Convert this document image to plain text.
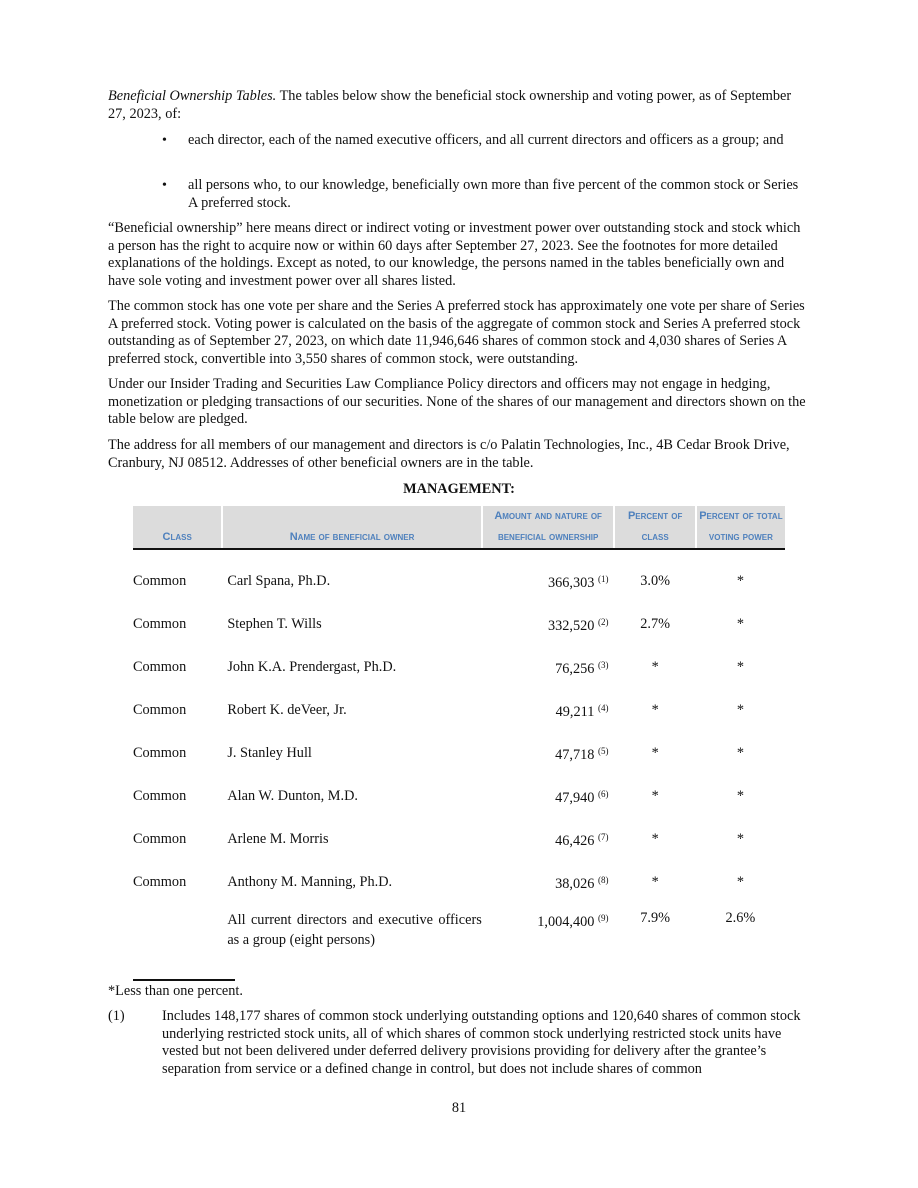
Beneficial Ownership Tables. The tables below show the beneficial stock ownership and voting power, as of September 27, 2023, of:

• each director, each of the named executive officers, and all current directors and officers as a group; and
• all persons who, to our knowledge, beneficially own more than five percent of the common stock or Series A preferred stock.

“Beneficial ownership” here means direct or indirect voting or investment power over outstanding stock and stock which a person has the right to acquire now or within 60 days after September 27, 2023. See the footnotes for more detailed explanations of the holdings. Except as noted, to our knowledge, the persons named in the tables beneficially own and have sole voting and investment power over all shares listed.

The common stock has one vote per share and the Series A preferred stock has approximately one vote per share of Series A preferred stock. Voting power is calculated on the basis of the aggregate of common stock and Series A preferred stock outstanding as of September 27, 2023, on which date 11,946,646 shares of common stock and 4,030 shares of Series A preferred stock, convertible into 3,550 shares of common stock, were outstanding.

Under our Insider Trading and Securities Law Compliance Policy directors and officers may not engage in hedging, monetization or pledging transactions of our securities. None of the shares of our management and directors shown on the table below are pledged.

The address for all members of our management and directors is c/o Palatin Technologies, Inc., 4B Cedar Brook Drive, Cranbury, NJ 08512. Addresses of other beneficial owners are in the table.

MANAGEMENT:
Class	Name of beneficial owner	Amount and nature of beneficial ownership	Percent of class	Percent of total voting power

Common	Carl Spana, Ph.D.	366,303 $^{(1)}$	3.0%	*
Common	Stephen T. Wills	332,520 $^{(2)}$	2.7%	*
Common	John K.A. Prendergast, Ph.D.	76,256 $^{(3)}$	*	*
Common	Robert K. deVeer, Jr.	49,211 $^{(4)}$	*	*
Common	J. Stanley Hull	47,718 $^{(5)}$	*	*
Common	Alan W. Dunton, M.D.	47,940 $^{(6)}$	*	*
Common	Arlene M. Morris	46,426 $^{(7)}$	*	*
Common	Anthony M. Manning, Ph.D.	38,026 $^{(8)}$	*	*
	All current directors and executive officers as a group (eight persons)	1,004,400 $^{(9)}$	7.9%	2.6%
*Less than one percent.
(1)	Includes 148,177 shares of common stock underlying outstanding options and 120,640 shares of common stock underlying restricted stock units, all of which shares of common stock underlying restricted stock units have vested but not been delivered under deferred delivery provisions providing for delivery after the grantee’s separation from service or a defined change in control, but does not include shares of common
81
